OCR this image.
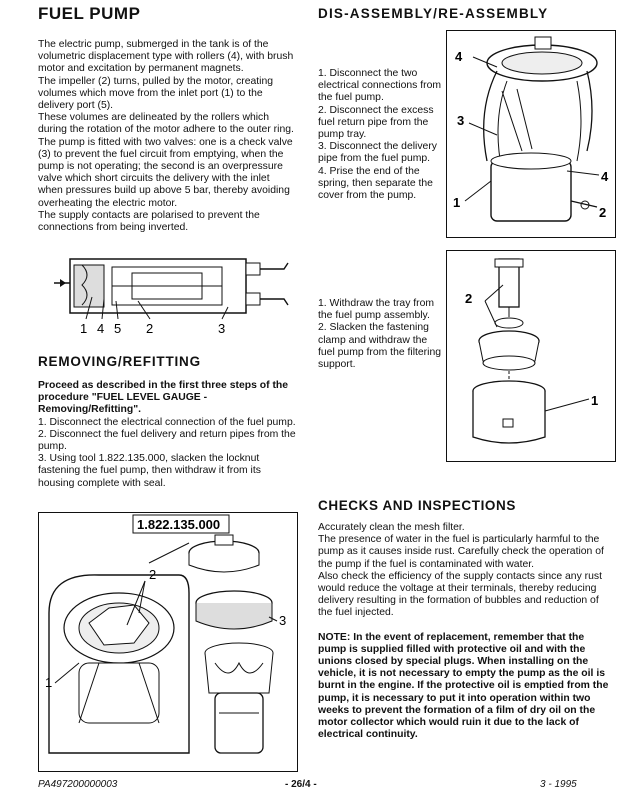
FUEL PUMP

The electric pump, submerged in the tank is of the volumetric displacement type with rollers (4), with brush motor and excitation by permanent magnets.

The impeller (2) turns, pulled by the motor, creating volumes which move from the inlet port (1) to the delivery port (5).

These volumes are delineated by the rollers which during the rotation of the motor adhere to the outer ring.

The pump is fitted with two valves: one is a check valve (3) to prevent the fuel circuit from emptying, when the pump is not operating; the second is an overpressure valve which short circuits the delivery with the inlet when pressures build up above 5 bar, thereby avoiding overheating the electric motor.

The supply contacts are polarised to prevent the connections from being inverted.

1 4 5 2	3
REMOVING/REFITTING

Proceed as described in the first three steps of the procedure "FUEL LEVEL GAUGE - Removing/Refitting".

1. Disconnect the electrical connection of the fuel pump.

2. Disconnect the fuel delivery and return pipes from the pump.

3. Using tool 1.822.135.000, slacken the locknut fastening the fuel pump, then withdraw it from its housing complete with seal.

1.822.135.000
2
1
3
DIS-ASSEMBLY/RE-ASSEMBLY

1. Disconnect the two electrical connections from the fuel pump.

2. Disconnect the excess fuel return pipe from the pump tray.

3. Disconnect the delivery pipe from the fuel pump.

4. Prise the end of the spring, then separate the cover from the pump.

4
3
4
1
2

1. Withdraw the tray from the fuel pump assembly.

2. Slacken the fastening clamp and withdraw the fuel pump from the filtering support.

2
1
CHECKS AND INSPECTIONS

Accurately clean the mesh filter.

The presence of water in the fuel is particularly harmful to the pump as it causes inside rust. Carefully check the operation of the pump if the fuel is contaminated with water.

Also check the efficiency of the supply contacts since any rust would reduce the voltage at their terminals, thereby reducing delivery resulting in the formation of bubbles and reduction of the fuel injected.

NOTE: In the event of replacement, remember that the pump is supplied filled with protective oil and with the unions closed by special plugs. When installing on the vehicle, it is not necessary to empty the pump as the oil is burnt in the engine. If the protective oil is emptied from the pump, it is necessary to put it into operation within two weeks to prevent the formation of a film of dry oil on the motor collector which would ruin it due to the lack of electrical continuity.

PA497200000003	- 26/4 -	3 - 1995
